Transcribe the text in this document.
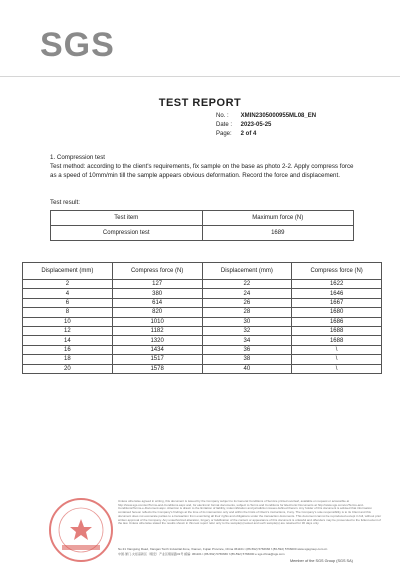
SGS
TEST REPORT
No. : XMIN2305000955ML08_EN
Date : 2023-05-25
Page: 2 of 4
1. Compression test
Test method: according to the client's requirements, fix sample on the base as photo 2-2. Apply compress force as a speed of 10mm/min till the sample appears obvious deformation. Record the force and displacement.
Test result:
Test item	Maximum force (N)
Compression test	1689
Displacement (mm)	Compress force (N)	Displacement (mm)	Compress force (N)
2	127	22	1622
4	380	24	1646
6	614	26	1667
8	820	28	1680
10	1010	30	1686
12	1182	32	1688
14	1320	34	1688
16	1434	36	\
18	1517	38	\
20	1578	40	\
Unless otherwise agreed in writing, this document is issued by the Company subject to its General Conditions of Service printed overleaf, available on request or accessible at http://www.sgs.com/en/Terms-and-Conditions.aspx and, for electronic format documents, subject to Terms and Conditions for Electronic Documents at http://www.sgs.com/en/Terms-and-Conditions/Terms-e-Document.aspx. Attention is drawn to the limitation of liability, indemnification and jurisdiction issues defined therein. Any holder of this document is advised that information contained hereon reflects the Company's findings at the time of its intervention only and within the limits of Client's instructions, if any. The Company's sole responsibility is to its Client and this document does not exonerate parties to a transaction from exercising all their rights and obligations under the transaction documents. This document cannot be reproduced except in full, without prior written approval of the Company. Any unauthorized alteration, forgery or falsification of the content or appearance of this document is unlawful and offenders may be prosecuted to the fullest extent of the law. Unless otherwise stated the results shown in this test report refer only to the sample(s) tested and such sample(s) are retained for 30 days only.
No.31 Xiangxing Road, Xiangan Torch Industrial Zone, Xiamen, Fujian Province, China 361101 t (86-592) 5766666 f (86-592) 5766000 www.sgsgroup.com.cn
中国·厦门·火炬高新区（翔安）产业区翔星路31号 邮编: 361101 t (86-592) 5766666 f (86-592) 5766000 e sgs.china@sgs.com
Member of the SGS Group (SGS SA)
